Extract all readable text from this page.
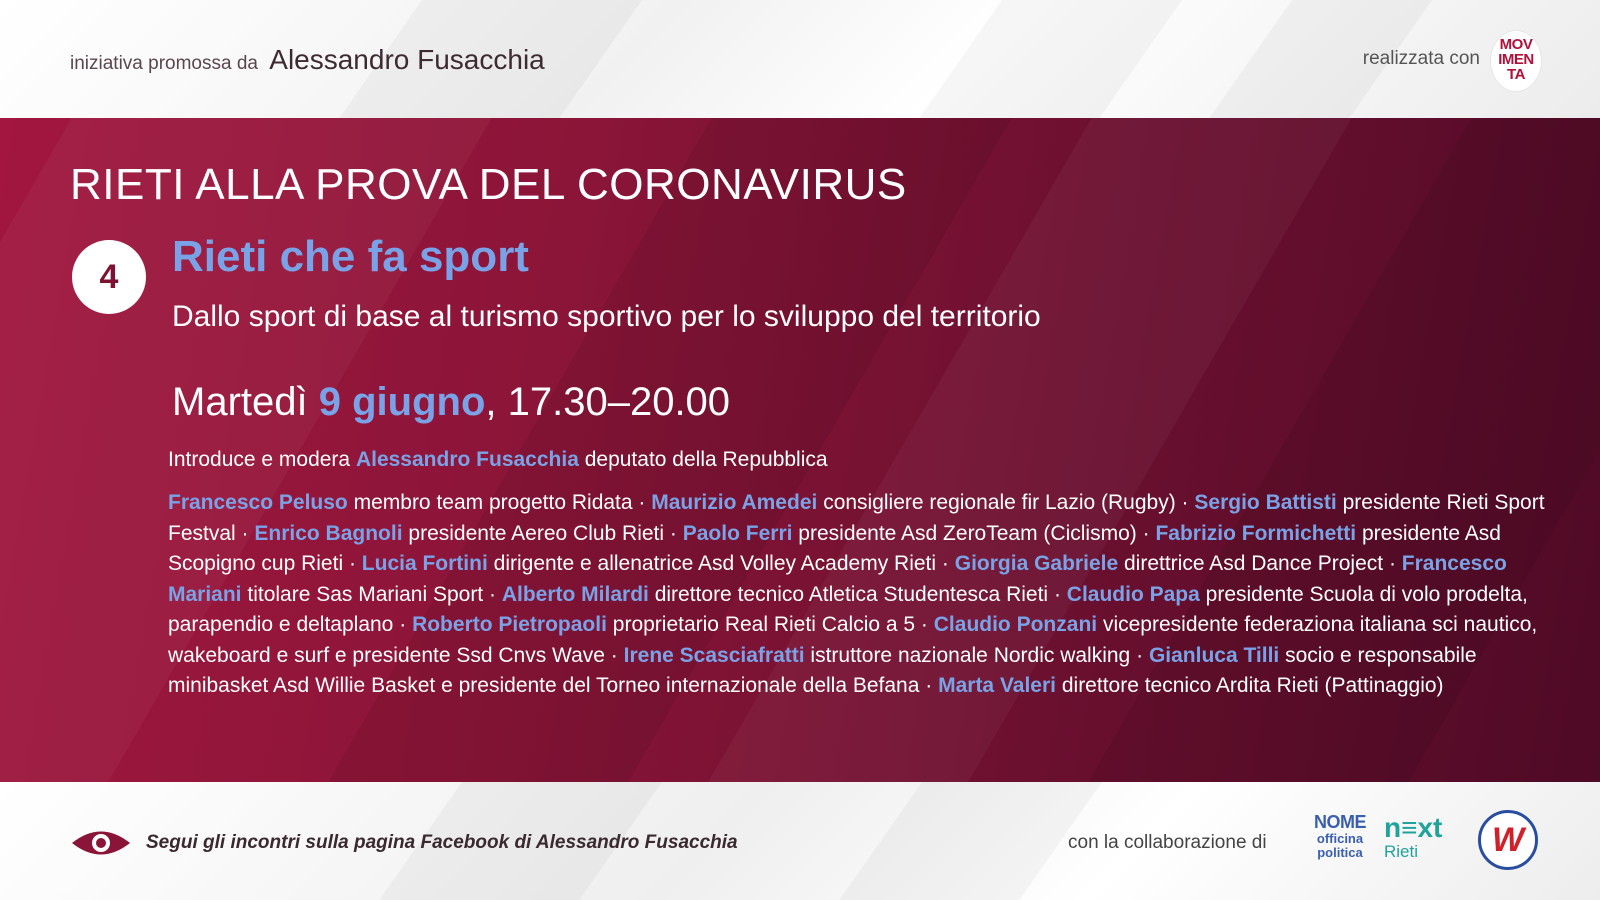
iniziativa promossa da Alessandro Fusacchia	realizzata con
MOV
IMEN
TA
RIETI ALLA PROVA DEL CORONAVIRUS
4	Rieti che fa sport
Dallo sport di base al turismo sportivo per lo sviluppo del territorio
Martedì 9 giugno, 17.30–20.00
Introduce e modera Alessandro Fusacchia deputato della Repubblica
Francesco Peluso membro team progetto Ridata · Maurizio Amedei consigliere regionale fir Lazio (Rugby) · Sergio Battisti presidente Rieti Sport Festval · Enrico Bagnoli presidente Aereo Club Rieti · Paolo Ferri presidente Asd ZeroTeam (Ciclismo) · Fabrizio Formichetti presidente Asd Scopigno cup Rieti · Lucia Fortini dirigente e allenatrice Asd Volley Academy Rieti · Giorgia Gabriele direttrice Asd Dance Project · Francesco Mariani titolare Sas Mariani Sport · Alberto Milardi direttore tecnico Atletica Studentesca Rieti · Claudio Papa presidente Scuola di volo prodelta, parapendio e deltaplano · Roberto Pietropaoli proprietario Real Rieti Calcio a 5 · Claudio Ponzani vicepresidente federaziona italiana sci nautico, wakeboard e surf e presidente Ssd Cnvs Wave · Irene Scasciafratti istruttore nazionale Nordic walking · Gianluca Tilli socio e responsabile minibasket Asd Willie Basket e presidente del Torneo internazionale della Befana · Marta Valeri direttore tecnico Ardita Rieti (Pattinaggio)
Segui gli incontri sulla pagina Facebook di Alessandro Fusacchia	con la collaborazione di
NOME
officina
politica
n≡xt
Rieti	W
